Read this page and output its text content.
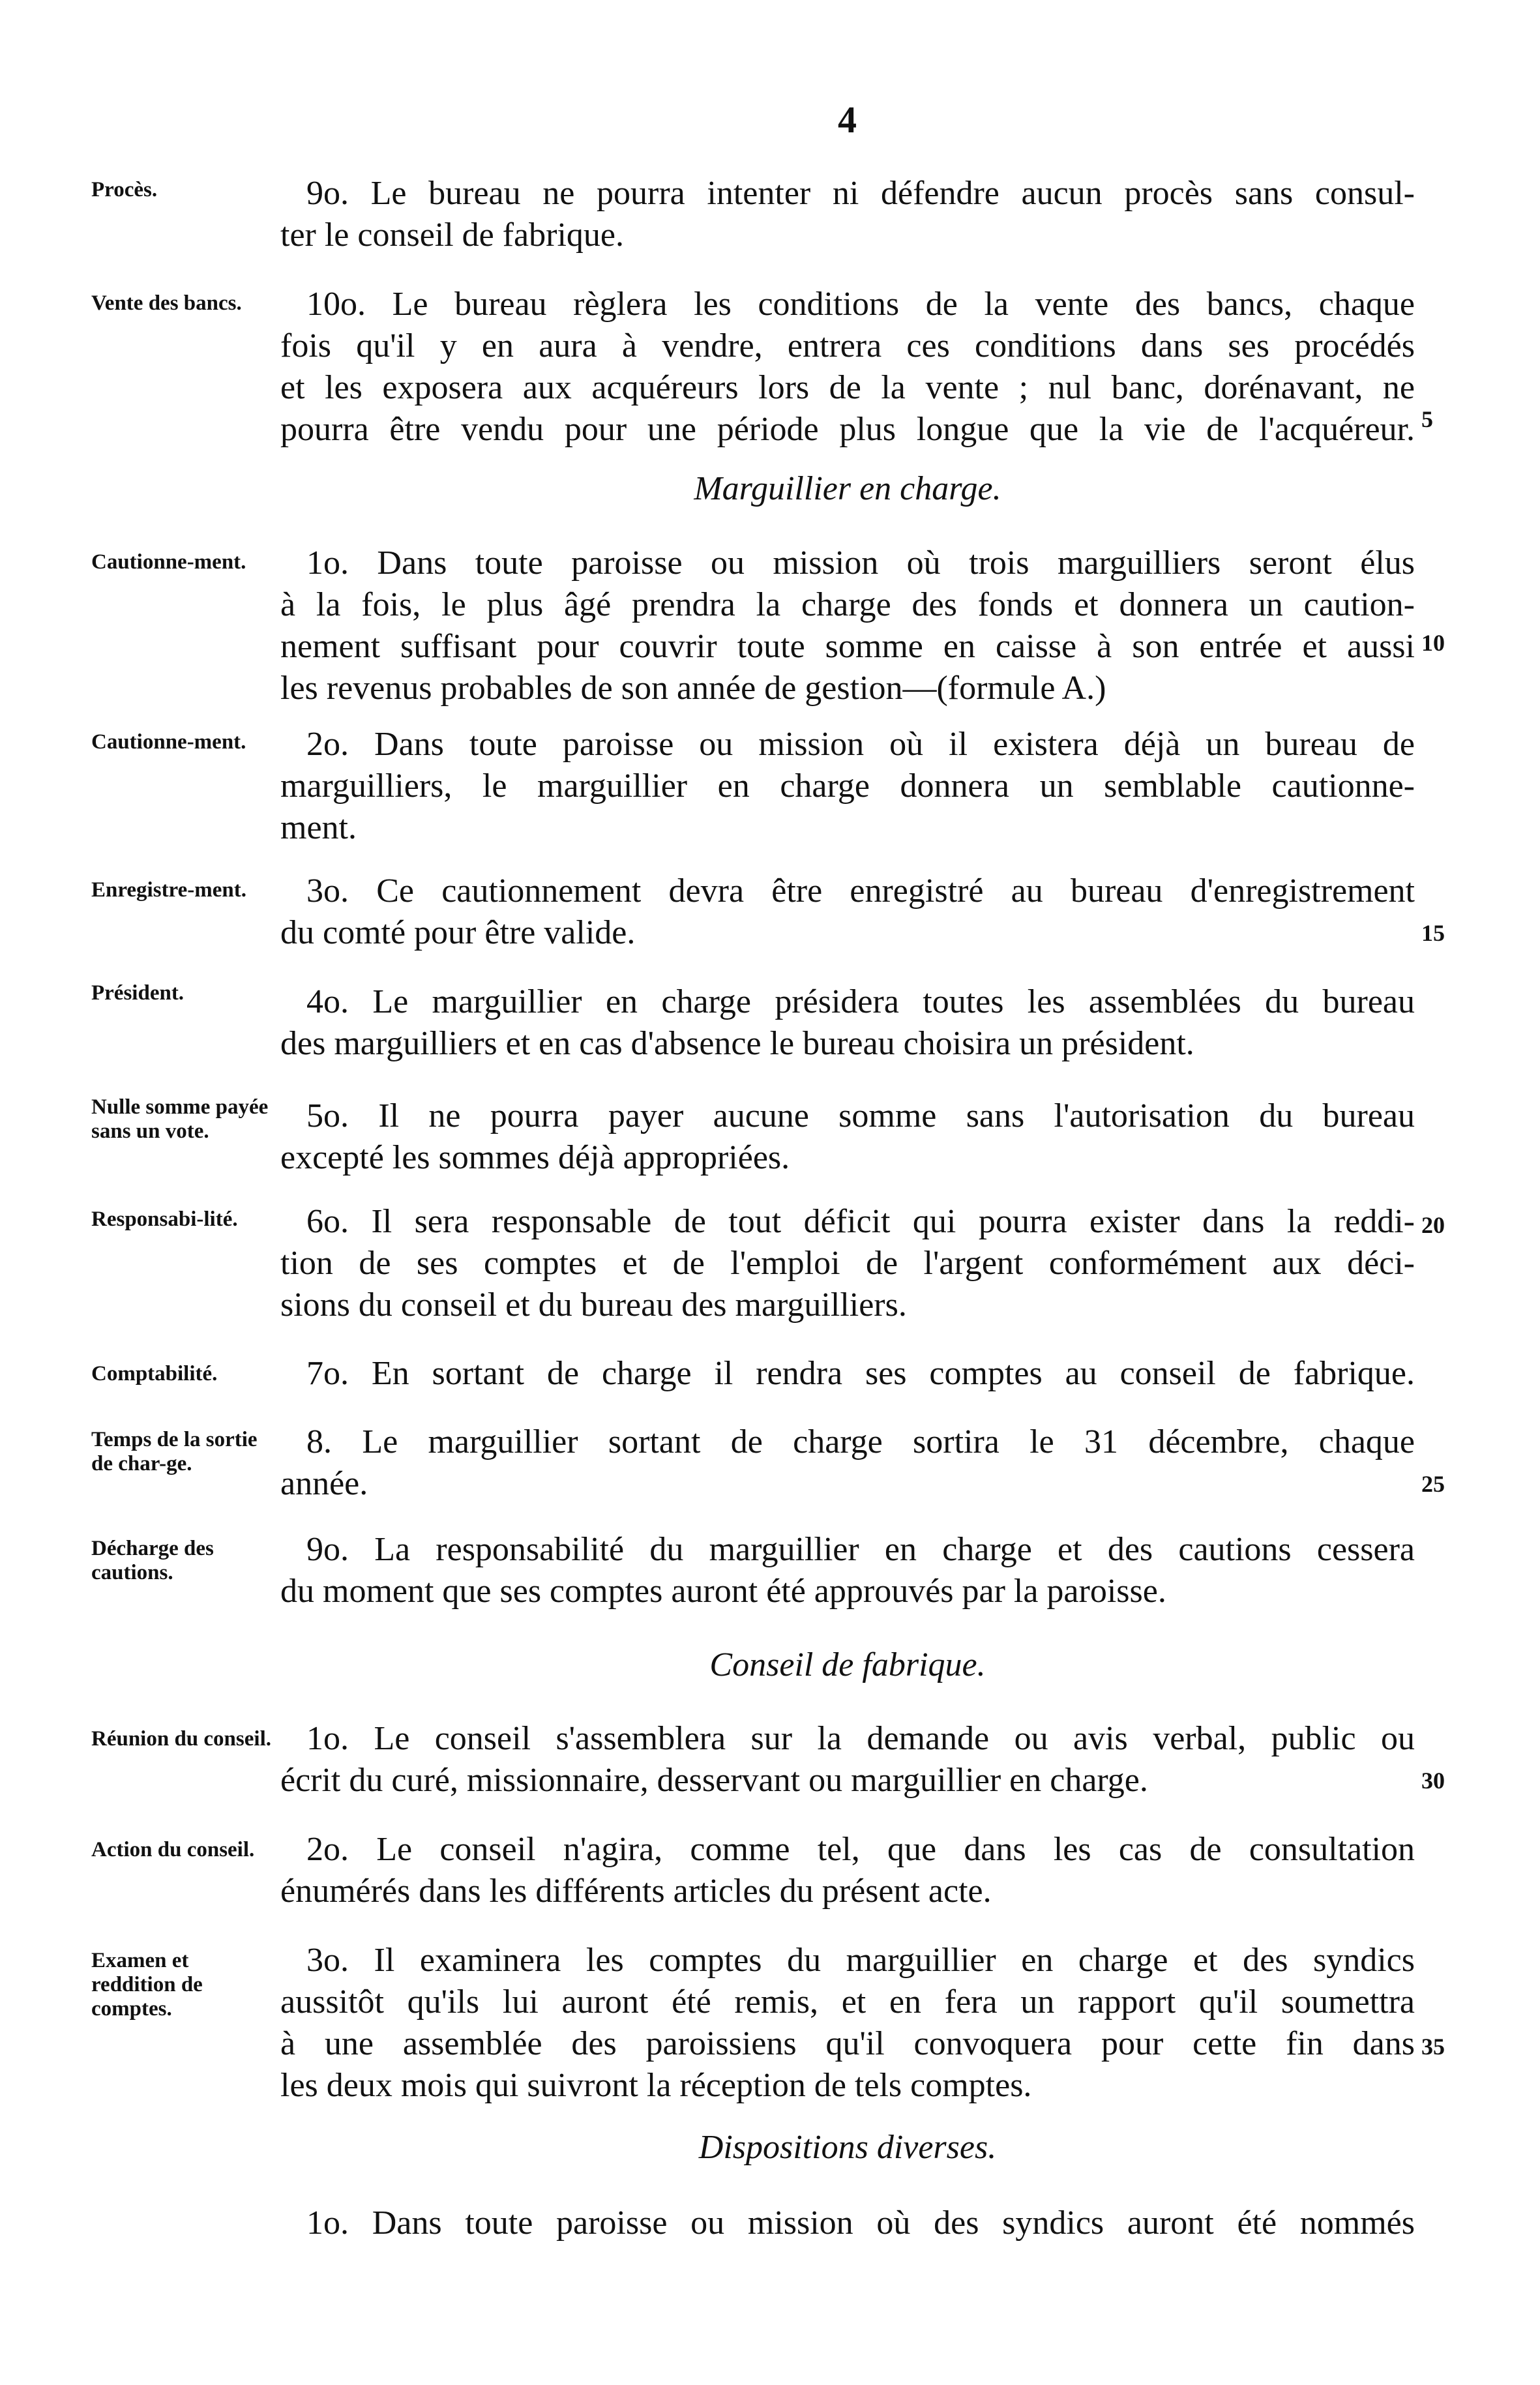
4
Procès.	9o. Le bureau ne pourra intenter ni défendre aucun procès sans consul-
ter le conseil de fabrique.
Vente des bancs.	10o. Le bureau règlera les conditions de la vente des bancs, chaque
fois qu'il y en aura à vendre, entrera ces conditions dans ses procédés
et les exposera aux acquéreurs lors de la vente ; nul banc, dorénavant, ne
pourra être vendu pour une période plus longue que la vie de l'acquéreur. 5
Marguillier en charge.
Cautionne-ment.	1o. Dans toute paroisse ou mission où trois marguilliers seront élus
à la fois, le plus âgé prendra la charge des fonds et donnera un caution-
nement suffisant pour couvrir toute somme en caisse à son entrée et aussi
les revenus probables de son année de gestion—(formule A.)
10
Cautionne-ment.	2o. Dans toute paroisse ou mission où il existera déjà un bureau de
marguilliers, le marguillier en charge donnera un semblable cautionne-
ment.
Enregistre-ment.	3o. Ce cautionnement devra être enregistré au bureau d'enregistrement
du comté pour être valide.	15
Président.	4o. Le marguillier en charge présidera toutes les assemblées du bureau
des marguilliers et en cas d'absence le bureau choisira un président.
Nulle somme payée sans un vote.	5o. Il ne pourra payer aucune somme sans l'autorisation du bureau
excepté les sommes déjà appropriées.
Responsabi-lité.	6o. Il sera responsable de tout déficit qui pourra exister dans la reddi-
tion de ses comptes et de l'emploi de l'argent conformément aux déci-
sions du conseil et du bureau des marguilliers.
20
Comptabilité.	7o. En sortant de charge il rendra ses comptes au conseil de fabrique.
Temps de la sortie de char-ge.
8. Le marguillier sortant de charge sortira le 31 décembre, chaque
année.	25
Décharge des cautions.
9o. La responsabilité du marguillier en charge et des cautions cessera
du moment que ses comptes auront été approuvés par la paroisse.
Conseil de fabrique.
Réunion du conseil.	1o. Le conseil s'assemblera sur la demande ou avis verbal, public ou
écrit du curé, missionnaire, desservant ou marguillier en charge.	30
Action du conseil.	2o. Le conseil n'agira, comme tel, que dans les cas de consultation
énumérés dans les différents articles du présent acte.
Examen et reddition de comptes.
3o. Il examinera les comptes du marguillier en charge et des syndics
aussitôt qu'ils lui auront été remis, et en fera un rapport qu'il soumettra
à une assemblée des paroissiens qu'il convoquera pour cette fin dans
les deux mois qui suivront la réception de tels comptes.
35
Dispositions diverses.
1o. Dans toute paroisse ou mission où des syndics auront été nommés
